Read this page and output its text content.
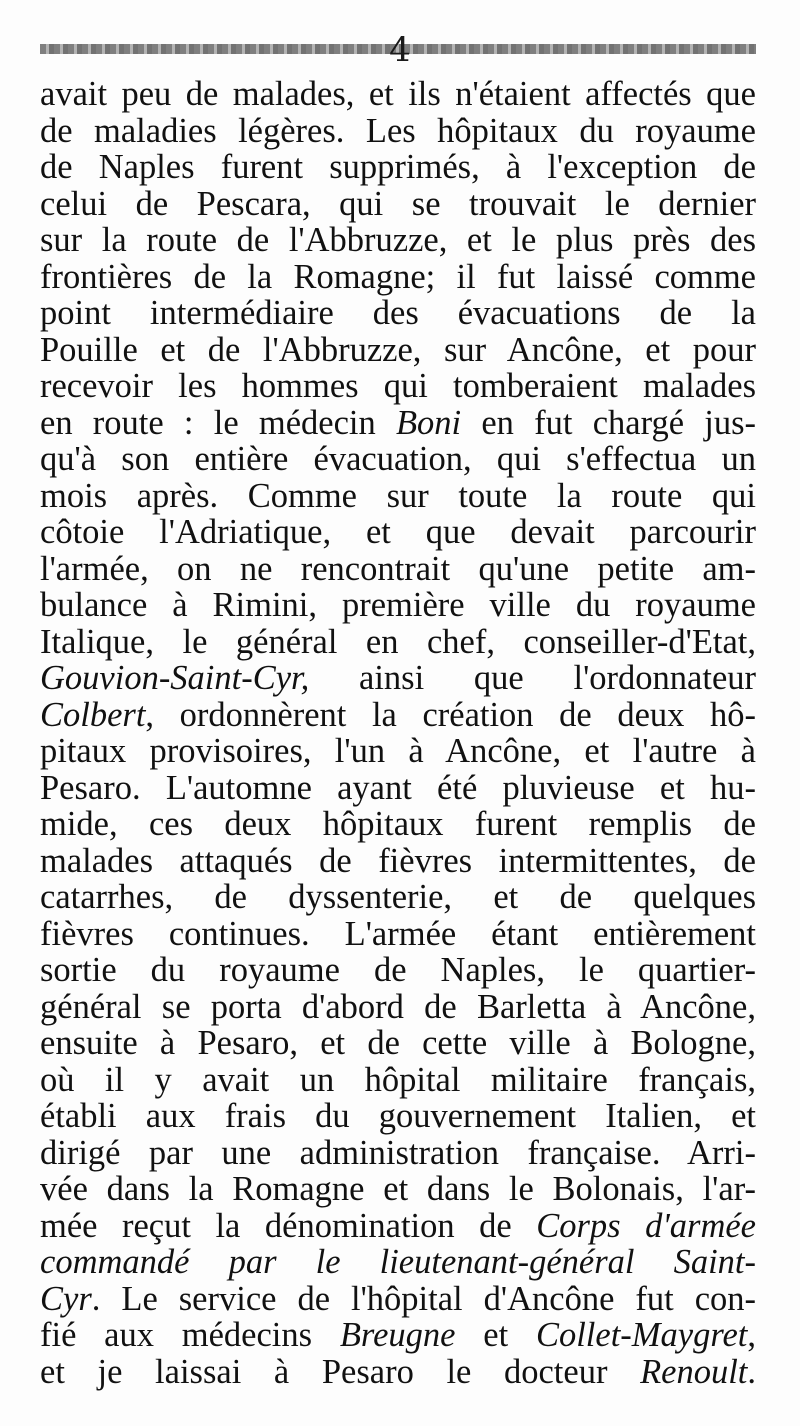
4
avait peu de malades, et ils n'étaient affectés que
de maladies légères. Les hôpitaux du royaume
de Naples furent supprimés, à l'exception de
celui de Pescara, qui se trouvait le dernier
sur la route de l'Abbruzze, et le plus près des
frontières de la Romagne; il fut laissé comme
point intermédiaire des évacuations de la
Pouille et de l'Abbruzze, sur Ancône, et pour
recevoir les hommes qui tomberaient malades
en route : le médecin Boni en fut chargé jus-
qu'à son entière évacuation, qui s'effectua un
mois après. Comme sur toute la route qui
côtoie l'Adriatique, et que devait parcourir
l'armée, on ne rencontrait qu'une petite am-
bulance à Rimini, première ville du royaume
Italique, le général en chef, conseiller-d'Etat,
Gouvion-Saint-Cyr, ainsi que l'ordonnateur
Colbert, ordonnèrent la création de deux hô-
pitaux provisoires, l'un à Ancône, et l'autre à
Pesaro. L'automne ayant été pluvieuse et hu-
mide, ces deux hôpitaux furent remplis de
malades attaqués de fièvres intermittentes, de
catarrhes, de dyssenterie, et de quelques
fièvres continues. L'armée étant entièrement
sortie du royaume de Naples, le quartier-
général se porta d'abord de Barletta à Ancône,
ensuite à Pesaro, et de cette ville à Bologne,
où il y avait un hôpital militaire français,
établi aux frais du gouvernement Italien, et
dirigé par une administration française. Arri-
vée dans la Romagne et dans le Bolonais, l'ar-
mée reçut la dénomination de Corps d'armée
commandé par le lieutenant-général Saint-
Cyr. Le service de l'hôpital d'Ancône fut con-
fié aux médecins Breugne et Collet-Maygret,
et je laissai à Pesaro le docteur Renoult.
